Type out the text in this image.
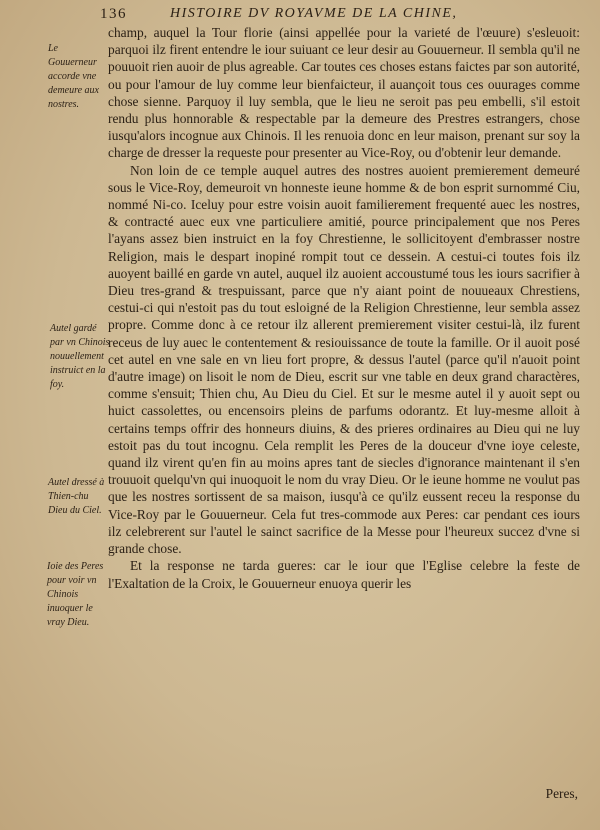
136	HISTOIRE DV ROYAVME DE LA CHINE,
Le Gouuerneur accorde vne demeure aux nostres.
Autel gardé par vn Chinois nouuellement instruict en la foy.
Autel dressé à Thien-chu Dieu du Ciel.
Ioie des Peres pour voir vn Chinois inuoquer le vray Dieu.

champ, auquel la Tour florie (ainsi appellée pour la varieté de l'œuure) s'esleuoit: parquoi ilz firent entendre le iour suiuant ce leur desir au Gouuerneur. Il sembla qu'il ne pouuoit rien auoir de plus agreable. Car toutes ces choses estans faictes par son autorité, ou pour l'amour de luy comme leur bienfaicteur, il auançoit tous ces ouurages comme chose sienne. Parquoy il luy sembla, que le lieu ne seroit pas peu embelli, s'il estoit rendu plus honnorable & respectable par la demeure des Prestres estrangers, chose iusqu'alors incognue aux Chinois. Il les renuoia donc en leur maison, prenant sur soy la charge de dresser la requeste pour presenter au Vice-Roy, ou d'obtenir leur demande.

Non loin de ce temple auquel autres des nostres auoient premierement demeuré sous le Vice-Roy, demeuroit vn honneste ieune homme & de bon esprit surnommé Ciu, nommé Ni-co. Iceluy pour estre voisin auoit familierement frequenté auec les nostres, & contracté auec eux vne particuliere amitié, pource principalement que nos Peres l'ayans assez bien instruict en la foy Chrestienne, le sollicitoyent d'embrasser nostre Religion, mais le despart inopiné rompit tout ce dessein. A cestui-ci toutes fois ilz auoyent baillé en garde vn autel, auquel ilz auoient accoustumé tous les iours sacrifier à Dieu tres-grand & trespuissant, parce que n'y aiant point de nouueaux Chrestiens, cestui-ci qui n'estoit pas du tout esloigné de la Religion Chrestienne, leur sembla assez propre. Comme donc à ce retour ilz allerent premierement visiter cestui-là, ilz furent receus de luy auec le contentement & resiouissance de toute la famille. Or il auoit posé cet autel en vne sale en vn lieu fort propre, & dessus l'autel (parce qu'il n'auoit point d'autre image) on lisoit le nom de Dieu, escrit sur vne table en deux grand charactères, comme s'ensuit; Thien chu, Au Dieu du Ciel. Et sur le mesme autel il y auoit sept ou huict cassolettes, ou encensoirs pleins de parfums odorantz. Et luy-mesme alloit à certains temps offrir des honneurs diuins, & des prieres ordinaires au Dieu qui ne luy estoit pas du tout incognu. Cela remplit les Peres de la douceur d'vne ioye celeste, quand ilz virent qu'en fin au moins apres tant de siecles d'ignorance maintenant il s'en trouuoit quelqu'vn qui inuoquoit le nom du vray Dieu. Or le ieune homme ne voulut pas que les nostres sortissent de sa maison, iusqu'à ce qu'ilz eussent receu la response du Vice-Roy par le Gouuerneur. Cela fut tres-commode aux Peres: car pendant ces iours ilz celebrerent sur l'autel le sainct sacrifice de la Messe pour l'heureux succez d'vne si grande chose.

Et la response ne tarda gueres: car le iour que l'Eglise celebre la feste de l'Exaltation de la Croix, le Gouuerneur enuoya querir les

Peres,
